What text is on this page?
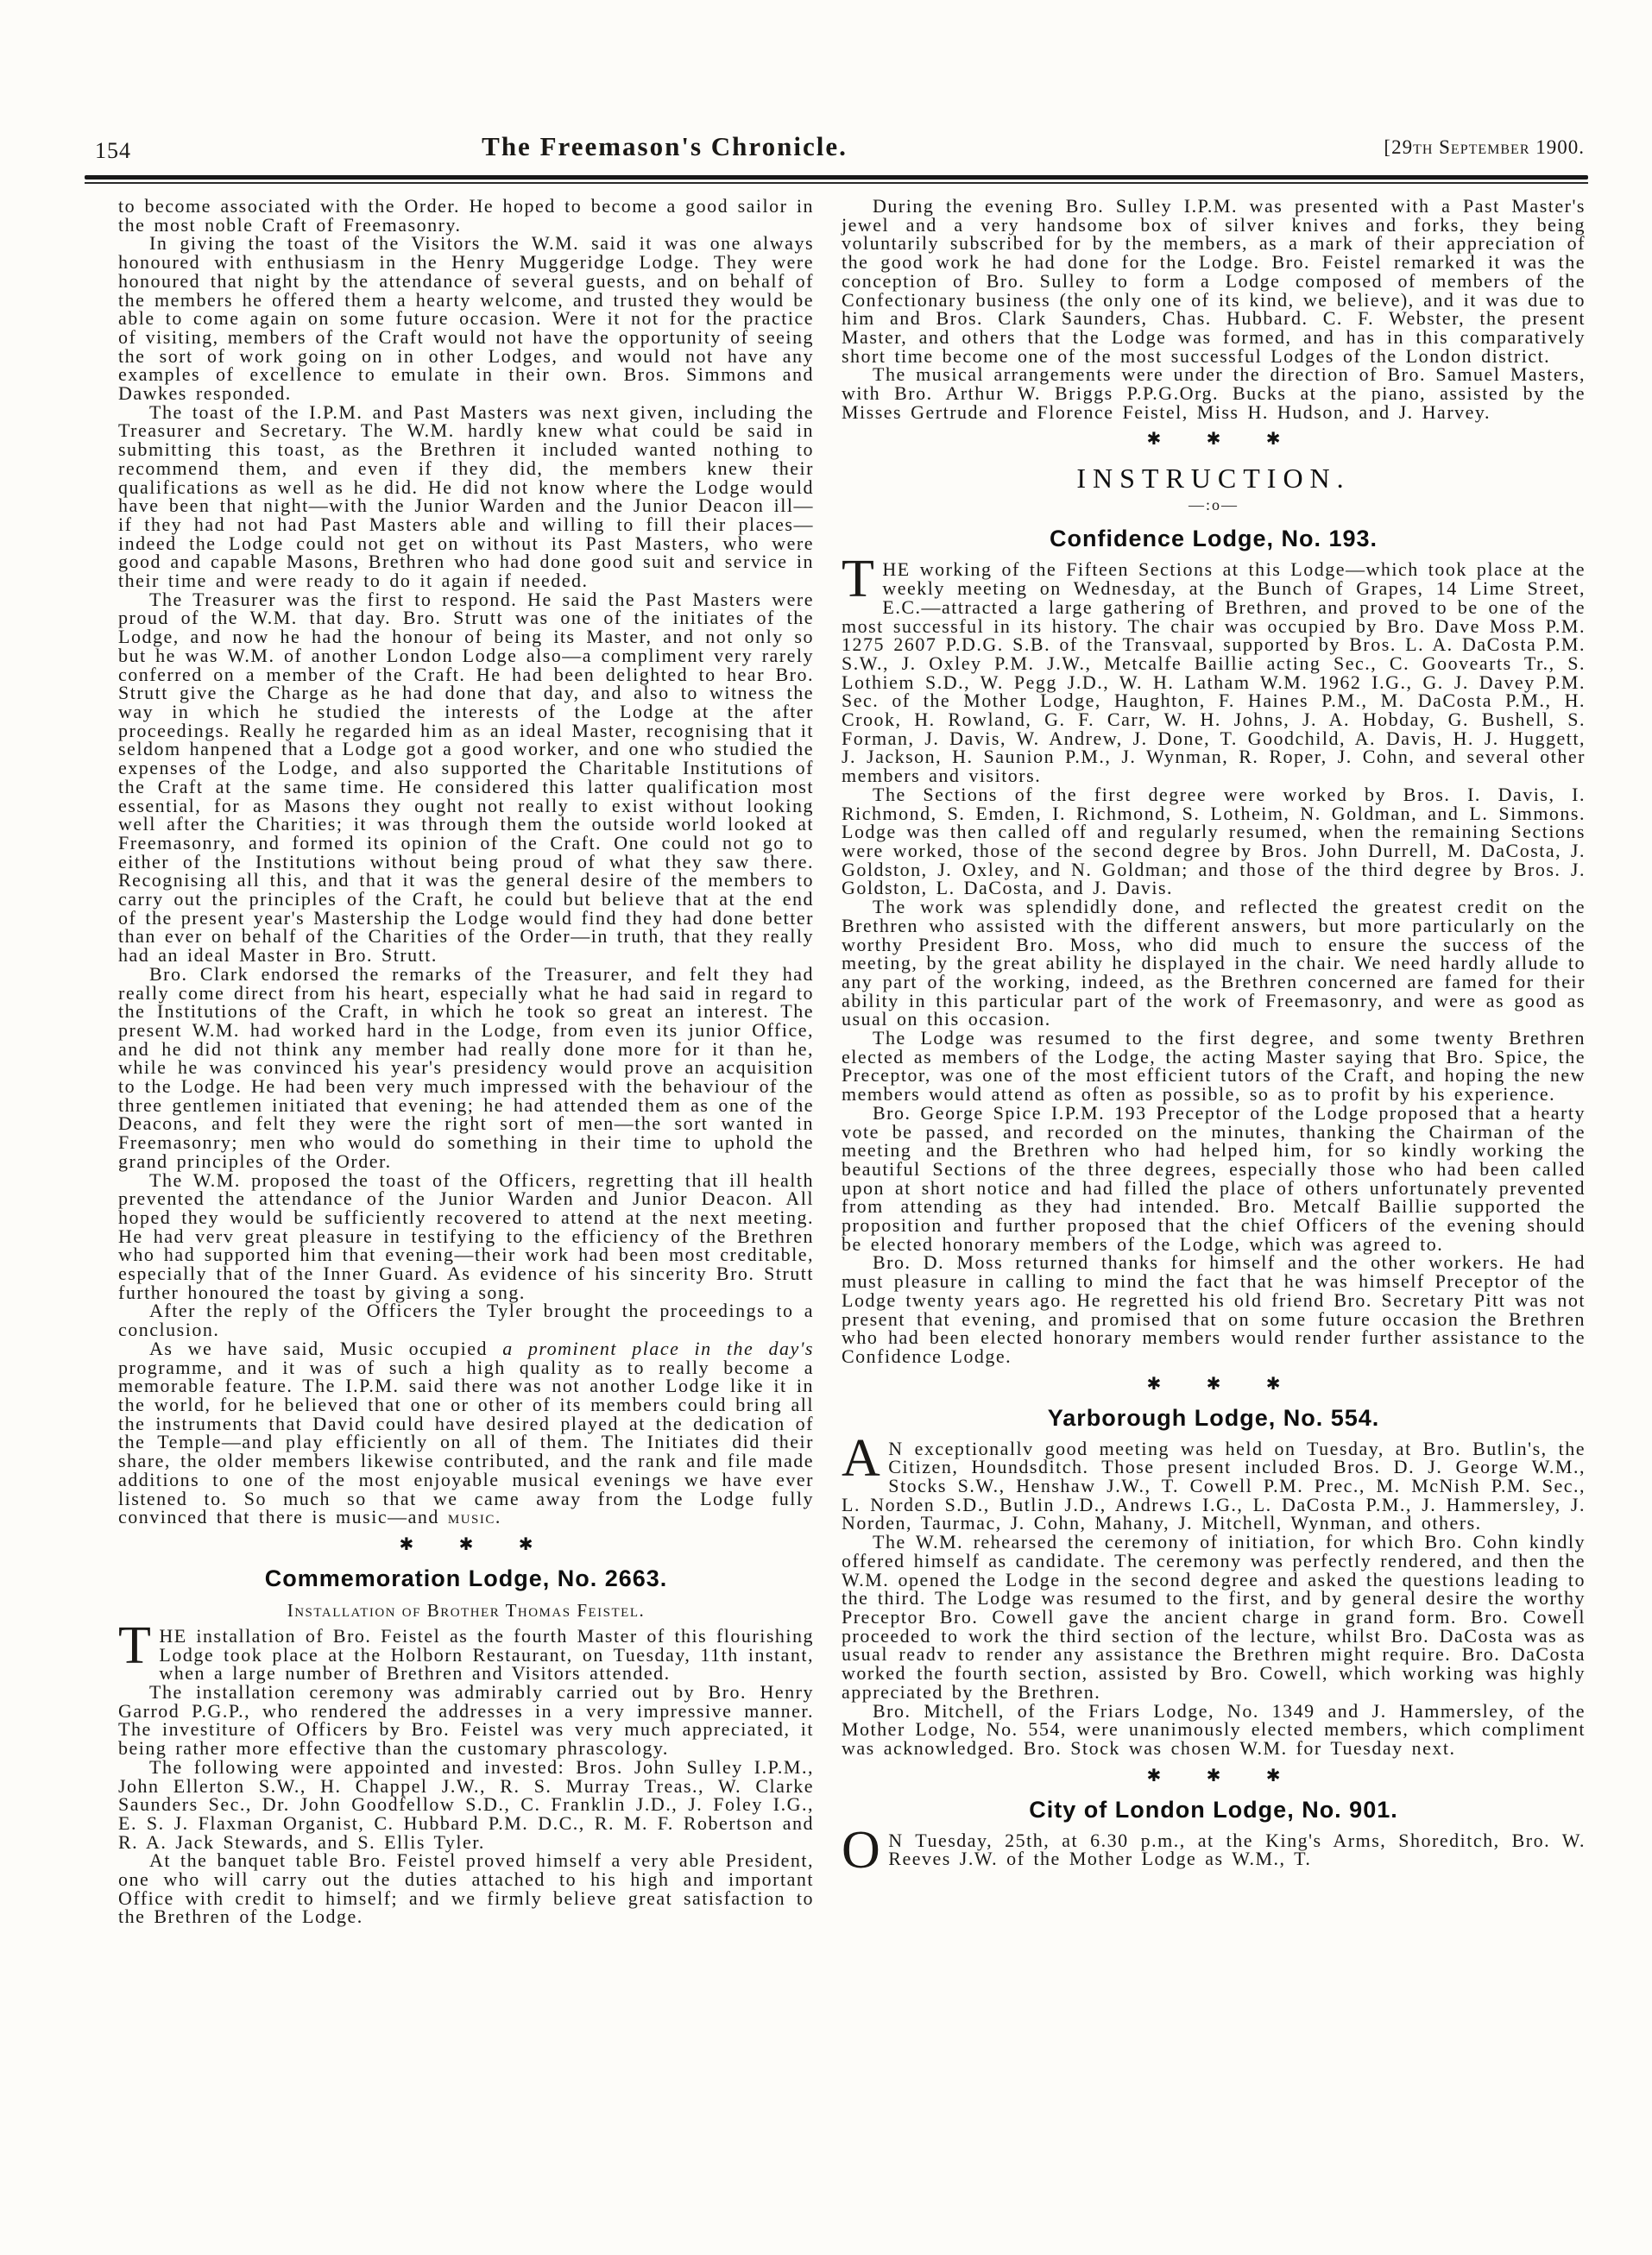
154	The Freemason's Chronicle.	[29th September 1900.

to become associated with the Order. He hoped to become a good sailor in the most noble Craft of Freemasonry.

In giving the toast of the Visitors the W.M. said it was one always honoured with enthusiasm in the Henry Muggeridge Lodge. They were honoured that night by the attendance of several guests, and on behalf of the members he offered them a hearty welcome, and trusted they would be able to come again on some future occasion. Were it not for the practice of visiting, members of the Craft would not have the opportunity of seeing the sort of work going on in other Lodges, and would not have any examples of excellence to emulate in their own. Bros. Simmons and Dawkes responded.

The toast of the I.P.M. and Past Masters was next given, including the Treasurer and Secretary. The W.M. hardly knew what could be said in submitting this toast, as the Brethren it included wanted nothing to recommend them, and even if they did, the members knew their qualifications as well as he did. He did not know where the Lodge would have been that night—with the Junior Warden and the Junior Deacon ill—if they had not had Past Masters able and willing to fill their places—indeed the Lodge could not get on without its Past Masters, who were good and capable Masons, Brethren who had done good suit and service in their time and were ready to do it again if needed.

The Treasurer was the first to respond. He said the Past Masters were proud of the W.M. that day. Bro. Strutt was one of the initiates of the Lodge, and now he had the honour of being its Master, and not only so but he was W.M. of another London Lodge also—a compliment very rarely conferred on a member of the Craft. He had been delighted to hear Bro. Strutt give the Charge as he had done that day, and also to witness the way in which he studied the interests of the Lodge at the after proceedings. Really he regarded him as an ideal Master, recognising that it seldom hanpened that a Lodge got a good worker, and one who studied the expenses of the Lodge, and also supported the Charitable Institutions of the Craft at the same time. He considered this latter qualification most essential, for as Masons they ought not really to exist without looking well after the Charities; it was through them the outside world looked at Freemasonry, and formed its opinion of the Craft. One could not go to either of the Institutions without being proud of what they saw there. Recognising all this, and that it was the general desire of the members to carry out the principles of the Craft, he could but believe that at the end of the present year's Mastership the Lodge would find they had done better than ever on behalf of the Charities of the Order—in truth, that they really had an ideal Master in Bro. Strutt.

Bro. Clark endorsed the remarks of the Treasurer, and felt they had really come direct from his heart, especially what he had said in regard to the Institutions of the Craft, in which he took so great an interest. The present W.M. had worked hard in the Lodge, from even its junior Office, and he did not think any member had really done more for it than he, while he was convinced his year's presidency would prove an acquisition to the Lodge. He had been very much impressed with the behaviour of the three gentlemen initiated that evening; he had attended them as one of the Deacons, and felt they were the right sort of men—the sort wanted in Freemasonry; men who would do something in their time to uphold the grand principles of the Order.

The W.M. proposed the toast of the Officers, regretting that ill health prevented the attendance of the Junior Warden and Junior Deacon. All hoped they would be sufficiently recovered to attend at the next meeting. He had verv great pleasure in testifying to the efficiency of the Brethren who had supported him that evening—their work had been most creditable, especially that of the Inner Guard. As evidence of his sincerity Bro. Strutt further honoured the toast by giving a song.

After the reply of the Officers the Tyler brought the proceedings to a conclusion.

As we have said, Music occupied a prominent place in the day's programme, and it was of such a high quality as to really become a memorable feature. The I.P.M. said there was not another Lodge like it in the world, for he believed that one or other of its members could bring all the instruments that David could have desired played at the dedication of the Temple—and play efficiently on all of them. The Initiates did their share, the older members likewise contributed, and the rank and file made additions to one of the most enjoyable musical evenings we have ever listened to. So much so that we came away from the Lodge fully convinced that there is music—and music.

✱ ✱ ✱
Commemoration Lodge, No. 2663.
Installation of Brother Thomas Feistel.

THE installation of Bro. Feistel as the fourth Master of this flourishing Lodge took place at the Holborn Restaurant, on Tuesday, 11th instant, when a large number of Brethren and Visitors attended.

The installation ceremony was admirably carried out by Bro. Henry Garrod P.G.P., who rendered the addresses in a very impressive manner. The investiture of Officers by Bro. Feistel was very much appreciated, it being rather more effective than the customary phrascology.

The following were appointed and invested: Bros. John Sulley I.P.M., John Ellerton S.W., H. Chappel J.W., R. S. Murray Treas., W. Clarke Saunders Sec., Dr. John Goodfellow S.D., C. Franklin J.D., J. Foley I.G., E. S. J. Flaxman Organist, C. Hubbard P.M. D.C., R. M. F. Robertson and R. A. Jack Stewards, and S. Ellis Tyler.

At the banquet table Bro. Feistel proved himself a very able President, one who will carry out the duties attached to his high and important Office with credit to himself; and we firmly believe great satisfaction to the Brethren of the Lodge.

During the evening Bro. Sulley I.P.M. was presented with a Past Master's jewel and a very handsome box of silver knives and forks, they being voluntarily subscribed for by the members, as a mark of their appreciation of the good work he had done for the Lodge. Bro. Feistel remarked it was the conception of Bro. Sulley to form a Lodge composed of members of the Confectionary business (the only one of its kind, we believe), and it was due to him and Bros. Clark Saunders, Chas. Hubbard. C. F. Webster, the present Master, and others that the Lodge was formed, and has in this comparatively short time become one of the most successful Lodges of the London district.

The musical arrangements were under the direction of Bro. Samuel Masters, with Bro. Arthur W. Briggs P.P.G.Org. Bucks at the piano, assisted by the Misses Gertrude and Florence Feistel, Miss H. Hudson, and J. Harvey.

✱ ✱ ✱
INSTRUCTION.
—:o—
Confidence Lodge, No. 193.

THE working of the Fifteen Sections at this Lodge—which took place at the weekly meeting on Wednesday, at the Bunch of Grapes, 14 Lime Street, E.C.—attracted a large gathering of Brethren, and proved to be one of the most successful in its history. The chair was occupied by Bro. Dave Moss P.M. 1275 2607 P.D.G. S.B. of the Transvaal, supported by Bros. L. A. DaCosta P.M. S.W., J. Oxley P.M. J.W., Metcalfe Baillie acting Sec., C. Goovearts Tr., S. Lothiem S.D., W. Pegg J.D., W. H. Latham W.M. 1962 I.G., G. J. Davey P.M. Sec. of the Mother Lodge, Haughton, F. Haines P.M., M. DaCosta P.M., H. Crook, H. Rowland, G. F. Carr, W. H. Johns, J. A. Hobday, G. Bushell, S. Forman, J. Davis, W. Andrew, J. Done, T. Goodchild, A. Davis, H. J. Huggett, J. Jackson, H. Saunion P.M., J. Wynman, R. Roper, J. Cohn, and several other members and visitors.

The Sections of the first degree were worked by Bros. I. Davis, I. Richmond, S. Emden, I. Richmond, S. Lotheim, N. Goldman, and L. Simmons. Lodge was then called off and regularly resumed, when the remaining Sections were worked, those of the second degree by Bros. John Durrell, M. DaCosta, J. Goldston, J. Oxley, and N. Goldman; and those of the third degree by Bros. J. Goldston, L. DaCosta, and J. Davis.

The work was splendidly done, and reflected the greatest credit on the Brethren who assisted with the different answers, but more particularly on the worthy President Bro. Moss, who did much to ensure the success of the meeting, by the great ability he displayed in the chair. We need hardly allude to any part of the working, indeed, as the Brethren concerned are famed for their ability in this particular part of the work of Freemasonry, and were as good as usual on this occasion.

The Lodge was resumed to the first degree, and some twenty Brethren elected as members of the Lodge, the acting Master saying that Bro. Spice, the Preceptor, was one of the most efficient tutors of the Craft, and hoping the new members would attend as often as possible, so as to profit by his experience.

Bro. George Spice I.P.M. 193 Preceptor of the Lodge proposed that a hearty vote be passed, and recorded on the minutes, thanking the Chairman of the meeting and the Brethren who had helped him, for so kindly working the beautiful Sections of the three degrees, especially those who had been called upon at short notice and had filled the place of others unfortunately prevented from attending as they had intended. Bro. Metcalf Baillie supported the proposition and further proposed that the chief Officers of the evening should be elected honorary members of the Lodge, which was agreed to.

Bro. D. Moss returned thanks for himself and the other workers. He had must pleasure in calling to mind the fact that he was himself Preceptor of the Lodge twenty years ago. He regretted his old friend Bro. Secretary Pitt was not present that evening, and promised that on some future occasion the Brethren who had been elected honorary members would render further assistance to the Confidence Lodge.

✱ ✱ ✱
Yarborough Lodge, No. 554.

A N exceptionallv good meeting was held on Tuesday, at Bro. Butlin's, the Citizen, Houndsditch. Those present included Bros. D. J. George W.M., Stocks S.W., Henshaw J.W., T. Cowell P.M. Prec., M. McNish P.M. Sec., L. Norden S.D., Butlin J.D., Andrews I.G., L. DaCosta P.M., J. Hammersley, J. Norden, Taurmac, J. Cohn, Mahany, J. Mitchell, Wynman, and others.

The W.M. rehearsed the ceremony of initiation, for which Bro. Cohn kindly offered himself as candidate. The ceremony was perfectly rendered, and then the W.M. opened the Lodge in the second degree and asked the questions leading to the third. The Lodge was resumed to the first, and by general desire the worthy Preceptor Bro. Cowell gave the ancient charge in grand form. Bro. Cowell proceeded to work the third section of the lecture, whilst Bro. DaCosta was as usual readv to render any assistance the Brethren might require. Bro. DaCosta worked the fourth section, assisted by Bro. Cowell, which working was highly appreciated by the Brethren.

Bro. Mitchell, of the Friars Lodge, No. 1349 and J. Hammersley, of the Mother Lodge, No. 554, were unanimously elected members, which compliment was acknowledged. Bro. Stock was chosen W.M. for Tuesday next.

✱ ✱ ✱
City of London Lodge, No. 901.

O N Tuesday, 25th, at 6.30 p.m., at the King's Arms, Shoreditch, Bro. W. Reeves J.W. of the Mother Lodge as W.M., T.
